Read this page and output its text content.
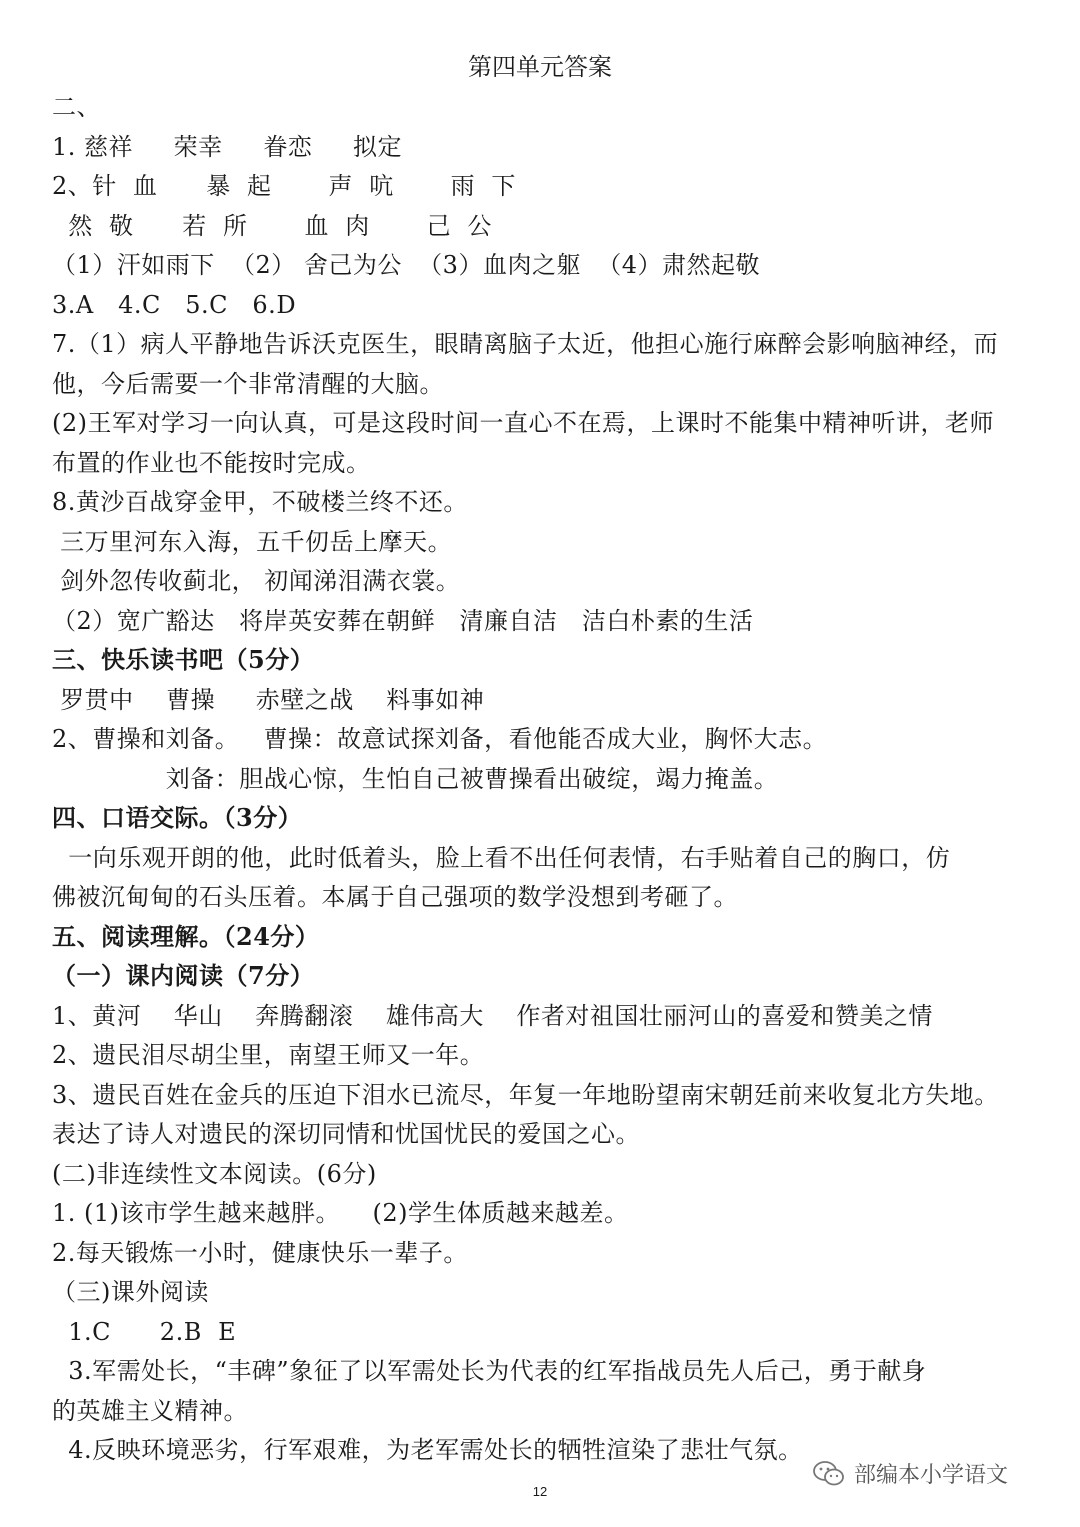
第四单元答案
二、
1. 慈祥     荣幸     眷恋     拟定
2、针  血      暴  起       声  吭       雨  下
然  敬      若  所       血  肉       己  公
（1）汗如雨下  （2） 舍己为公  （3）血肉之躯  （4）肃然起敬
3.A   4.C   5.C   6.D
7.（1）病人平静地告诉沃克医生，眼睛离脑子太近，他担心施行麻醉会影响脑神经，而
他，今后需要一个非常清醒的大脑。
(2)王军对学习一向认真，可是这段时间一直心不在焉，上课时不能集中精神听讲，老师
布置的作业也不能按时完成。
8.黄沙百战穿金甲，不破楼兰终不还。
三万里河东入海，五千仞岳上摩天。
剑外忽传收蓟北， 初闻涕泪满衣裳。
（2）宽广豁达   将岸英安葬在朝鲜   清廉自洁   洁白朴素的生活
三、快乐读书吧（5分）
罗贯中    曹操     赤壁之战    料事如神
2、曹操和刘备。   曹操：故意试探刘备，看他能否成大业，胸怀大志。
刘备：胆战心惊，生怕自己被曹操看出破绽，竭力掩盖。
四、口语交际。（3分）
一向乐观开朗的他，此时低着头，脸上看不出任何表情，右手贴着自己的胸口，仿
佛被沉甸甸的石头压着。本属于自己强项的数学没想到考砸了。
五、阅读理解。（24分）
（一）课内阅读（7分）
1、黄河    华山    奔腾翻滚    雄伟高大    作者对祖国壮丽河山的喜爱和赞美之情
2、遗民泪尽胡尘里，南望王师又一年。
3、遗民百姓在金兵的压迫下泪水已流尽，年复一年地盼望南宋朝廷前来收复北方失地。
表达了诗人对遗民的深切同情和忧国忧民的爱国之心。
(二)非连续性文本阅读。(6分)
1. (1)该市学生越来越胖。    (2)学生体质越来越差。
2.每天锻炼一小时，健康快乐一辈子。
（三)课外阅读
1.C      2.B  E
3.军需处长，“丰碑”象征了以军需处长为代表的红军指战员先人后己，勇于献身
的英雄主义精神。
4.反映环境恶劣，行军艰难，为老军需处长的牺牲渲染了悲壮气氛。
12
部编本小学语文
